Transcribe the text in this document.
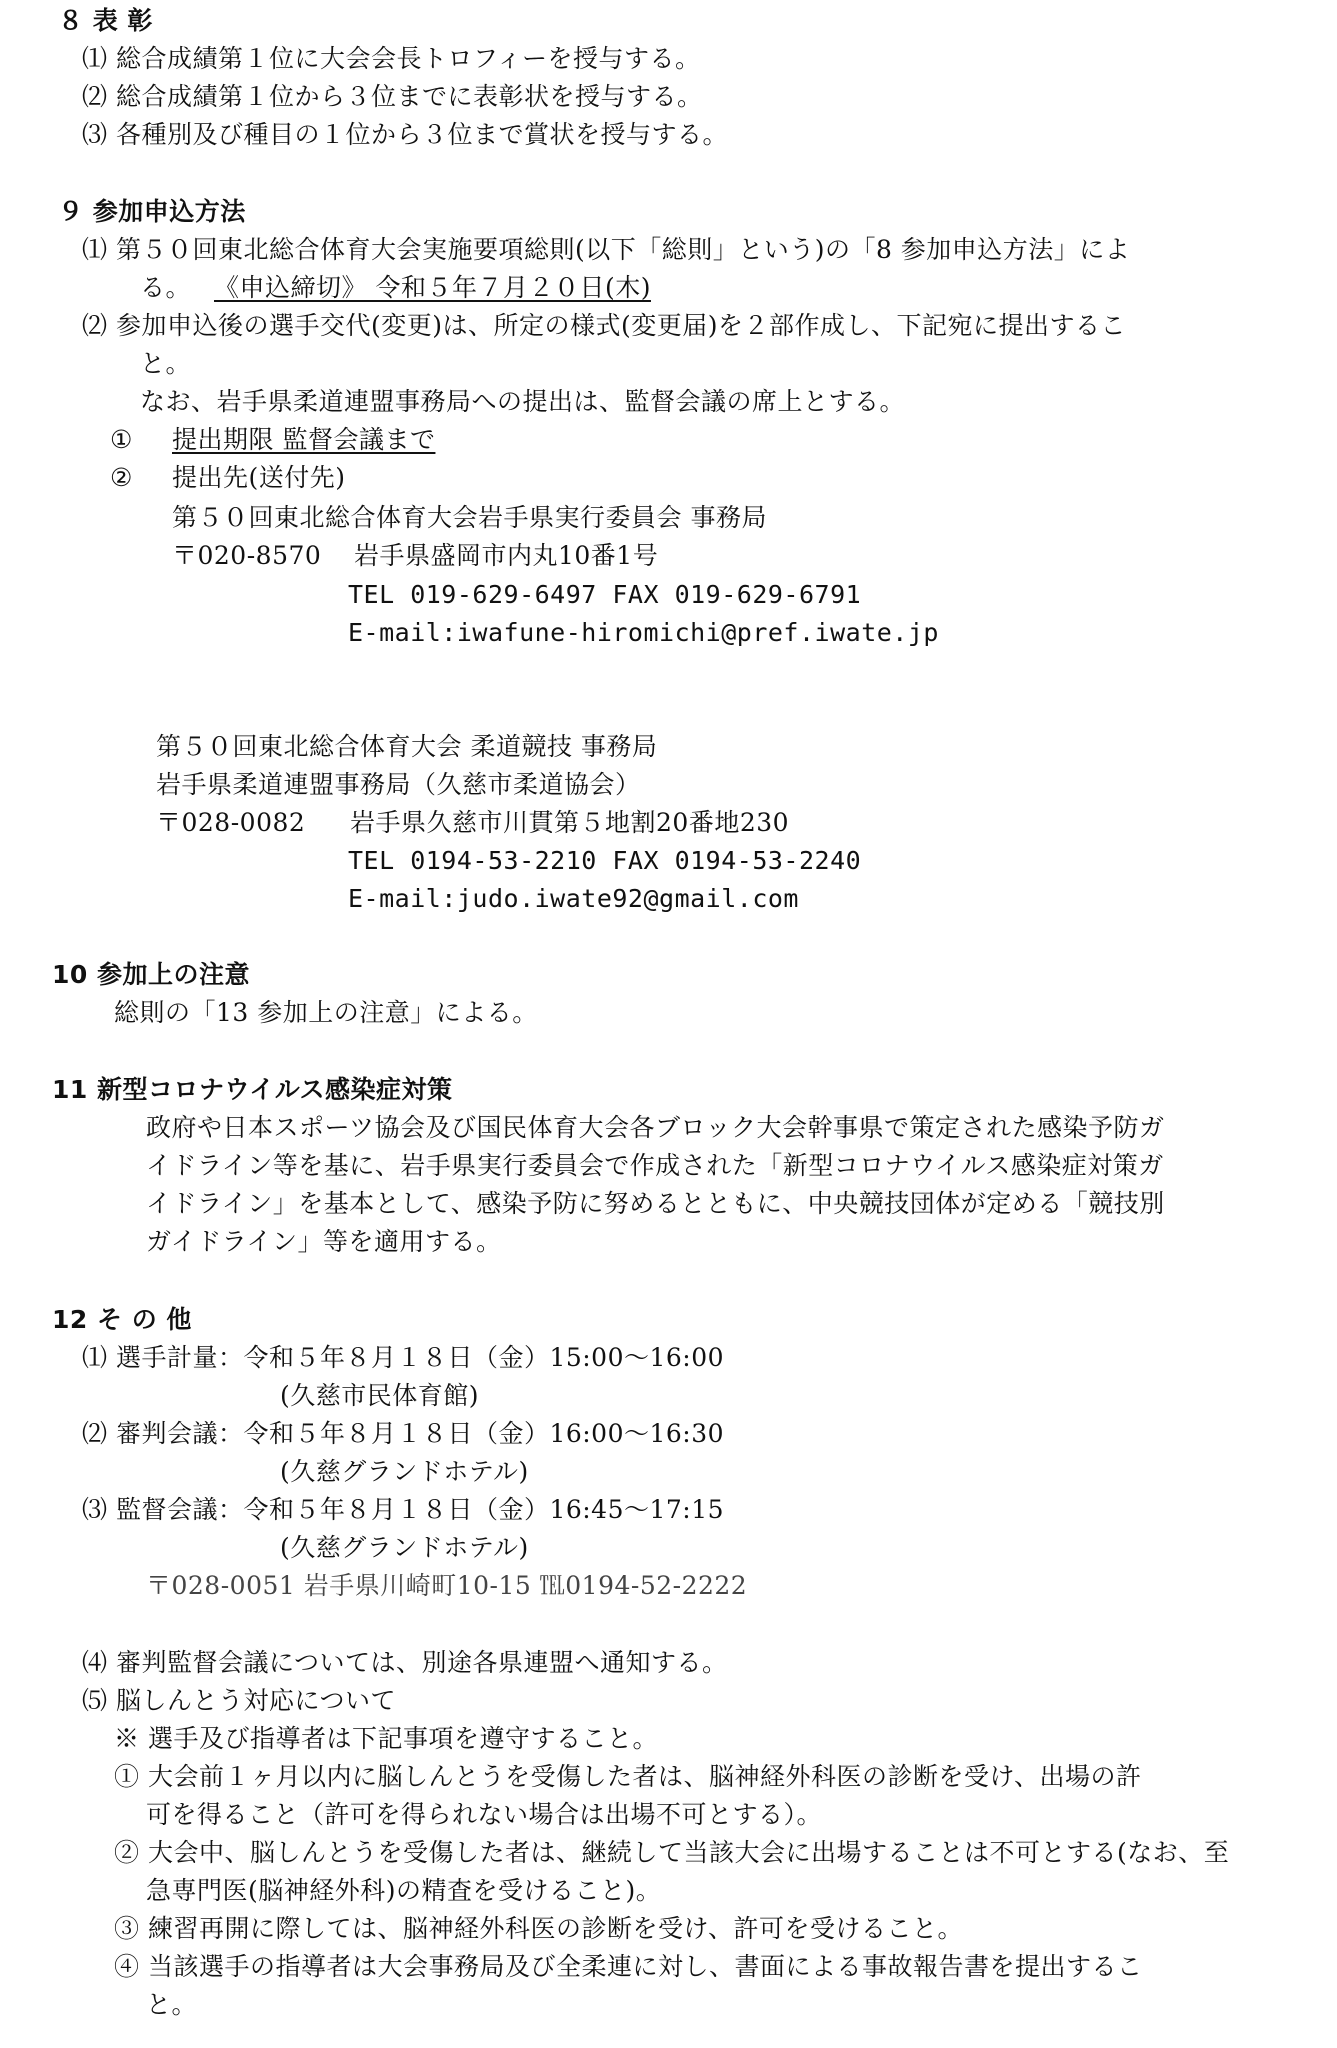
８ 表 彰
⑴ 総合成績第１位に大会会長トロフィーを授与する。
⑵ 総合成績第１位から３位までに表彰状を授与する。
⑶ 各種別及び種目の１位から３位まで賞状を授与する。
９ 参加申込方法
⑴ 第５０回東北総合体育大会実施要項総則(以下「総則」という)の「8 参加申込方法」によ
る。 《申込締切》 令和５年７月２０日(木)
⑵ 参加申込後の選手交代(変更)は、所定の様式(変更届)を２部作成し、下記宛に提出するこ
と。
なお、岩手県柔道連盟事務局への提出は、監督会議の席上とする。
① 提出期限 監督会議まで
② 提出先(送付先)
第５０回東北総合体育大会岩手県実行委員会 事務局
〒020-8570 岩手県盛岡市内丸10番1号
TEL 019-629-6497 FAX 019-629-6791
E-mail:iwafune-hiromichi@pref.iwate.jp
第５０回東北総合体育大会 柔道競技 事務局
岩手県柔道連盟事務局（久慈市柔道協会）
〒028-0082 岩手県久慈市川貫第５地割20番地230
TEL 0194-53-2210 FAX 0194-53-2240
E-mail:judo.iwate92@gmail.com
10 参加上の注意
総則の「13 参加上の注意」による。
11 新型コロナウイルス感染症対策
政府や日本スポーツ協会及び国民体育大会各ブロック大会幹事県で策定された感染予防ガ
イドライン等を基に、岩手県実行委員会で作成された「新型コロナウイルス感染症対策ガ
イドライン」を基本として、感染予防に努めるとともに、中央競技団体が定める「競技別
ガイドライン」等を適用する。
12 そ の 他
⑴ 選手計量：令和５年８月１８日（金）15:00～16:00
(久慈市民体育館)
⑵ 審判会議：令和５年８月１８日（金）16:00～16:30
(久慈グランドホテル)
⑶ 監督会議：令和５年８月１８日（金）16:45～17:15
(久慈グランドホテル)
〒028-0051 岩手県川崎町10-15 ℡0194-52-2222
⑷ 審判監督会議については、別途各県連盟へ通知する。
⑸ 脳しんとう対応について
※ 選手及び指導者は下記事項を遵守すること。
① 大会前１ヶ月以内に脳しんとうを受傷した者は、脳神経外科医の診断を受け、出場の許
可を得ること（許可を得られない場合は出場不可とする）。
② 大会中、脳しんとうを受傷した者は、継続して当該大会に出場することは不可とする(なお、至
急専門医(脳神経外科)の精査を受けること)。
③ 練習再開に際しては、脳神経外科医の診断を受け、許可を受けること。
④ 当該選手の指導者は大会事務局及び全柔連に対し、書面による事故報告書を提出するこ
と。
